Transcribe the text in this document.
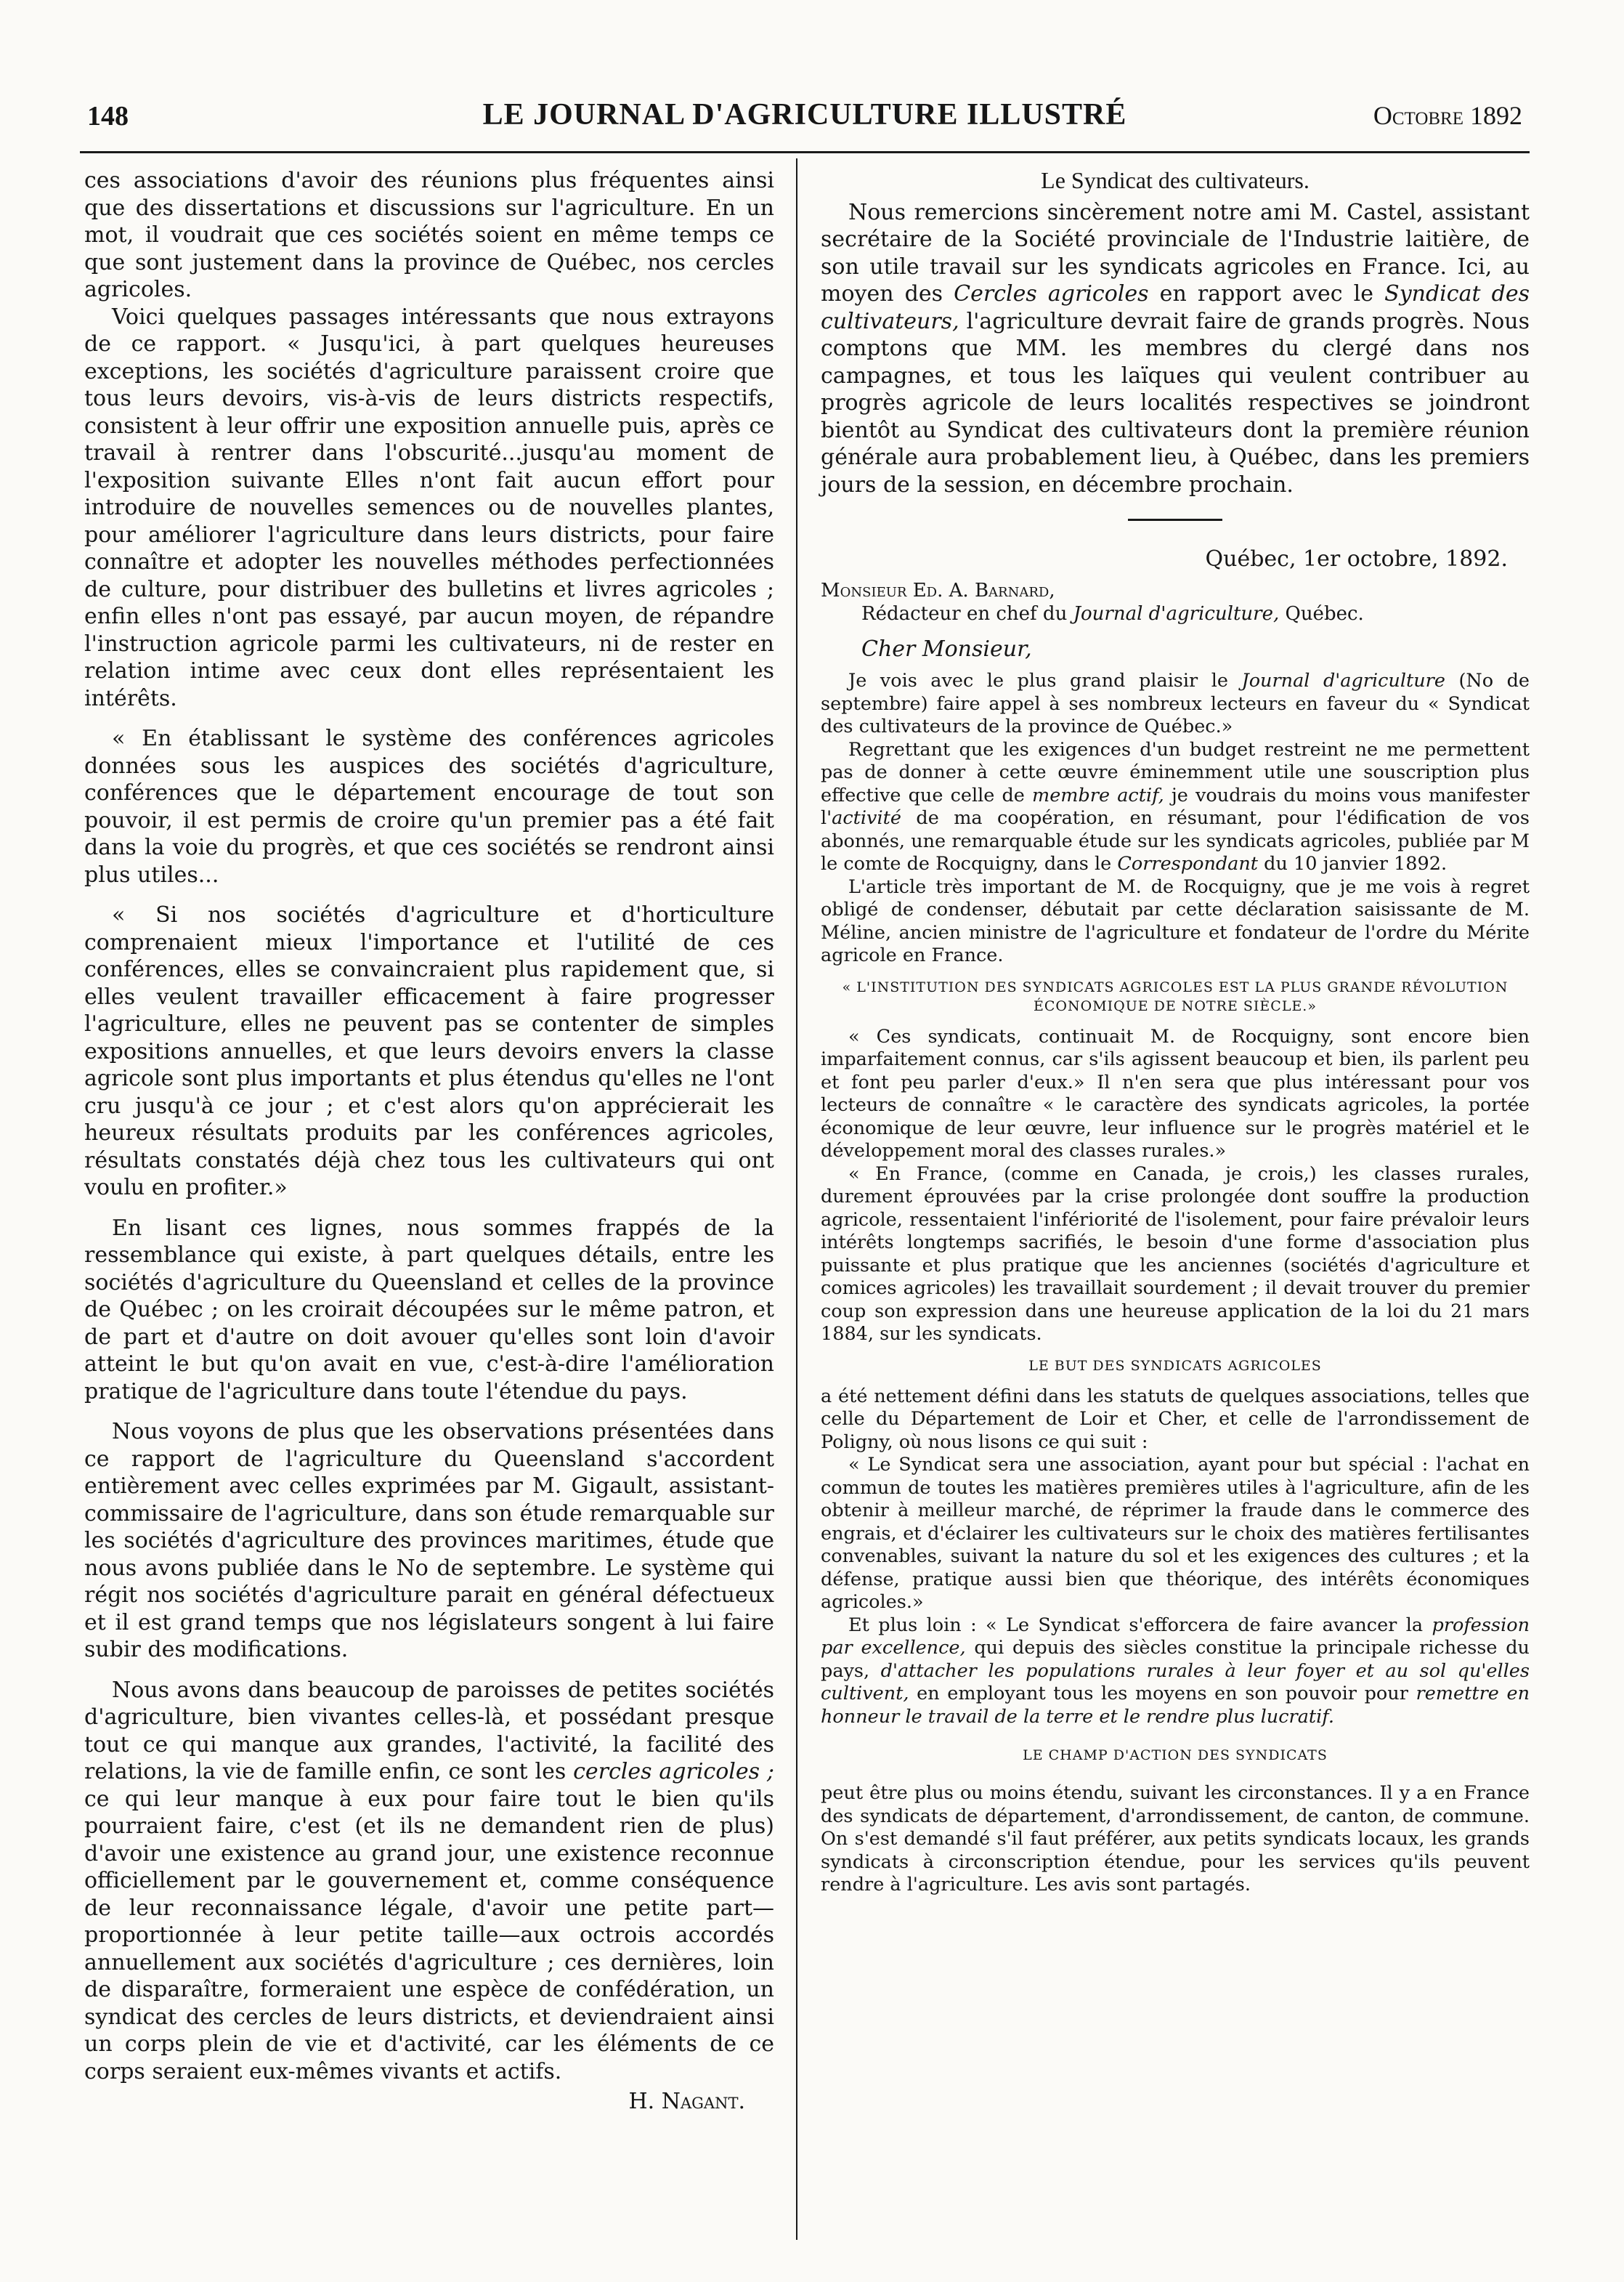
148	LE JOURNAL D'AGRICULTURE ILLUSTRÉ	Octobre 1892

ces associations d'avoir des réunions plus fréquentes ainsi que des dissertations et discussions sur l'agriculture. En un mot, il voudrait que ces sociétés soient en même temps ce que sont justement dans la province de Québec, nos cercles agricoles.

Voici quelques passages intéressants que nous extrayons de ce rapport. « Jusqu'ici, à part quelques heureuses exceptions, les sociétés d'agriculture paraissent croire que tous leurs devoirs, vis-à-vis de leurs districts respectifs, consistent à leur offrir une exposition annuelle puis, après ce travail à rentrer dans l'obscurité...jusqu'au moment de l'exposition suivante Elles n'ont fait aucun effort pour introduire de nouvelles semences ou de nouvelles plantes, pour améliorer l'agriculture dans leurs districts, pour faire connaître et adopter les nouvelles méthodes perfectionnées de culture, pour distribuer des bulletins et livres agricoles ; enfin elles n'ont pas essayé, par aucun moyen, de répandre l'instruction agricole parmi les cultivateurs, ni de rester en relation intime avec ceux dont elles représentaient les intérêts.

« En établissant le système des conférences agricoles données sous les auspices des sociétés d'agriculture, conférences que le département encourage de tout son pouvoir, il est permis de croire qu'un premier pas a été fait dans la voie du progrès, et que ces sociétés se rendront ainsi plus utiles...

« Si nos sociétés d'agriculture et d'horticulture comprenaient mieux l'importance et l'utilité de ces conférences, elles se convaincraient plus rapidement que, si elles veulent travailler efficacement à faire progresser l'agriculture, elles ne peuvent pas se contenter de simples expositions annuelles, et que leurs devoirs envers la classe agricole sont plus importants et plus étendus qu'elles ne l'ont cru jusqu'à ce jour ; et c'est alors qu'on apprécierait les heureux résultats produits par les conférences agricoles, résultats constatés déjà chez tous les cultivateurs qui ont voulu en profiter.»

En lisant ces lignes, nous sommes frappés de la ressemblance qui existe, à part quelques détails, entre les sociétés d'agriculture du Queensland et celles de la province de Québec ; on les croirait découpées sur le même patron, et de part et d'autre on doit avouer qu'elles sont loin d'avoir atteint le but qu'on avait en vue, c'est-à-dire l'amélioration pratique de l'agriculture dans toute l'étendue du pays.

Nous voyons de plus que les observations présentées dans ce rapport de l'agriculture du Queensland s'accordent entièrement avec celles exprimées par M. Gigault, assistant-commissaire de l'agriculture, dans son étude remarquable sur les sociétés d'agriculture des provinces maritimes, étude que nous avons publiée dans le No de septembre. Le système qui régit nos sociétés d'agriculture parait en général défectueux et il est grand temps que nos législateurs songent à lui faire subir des modifications.

Nous avons dans beaucoup de paroisses de petites sociétés d'agriculture, bien vivantes celles-là, et possédant presque tout ce qui manque aux grandes, l'activité, la facilité des relations, la vie de famille enfin, ce sont les cercles agricoles ; ce qui leur manque à eux pour faire tout le bien qu'ils pourraient faire, c'est (et ils ne demandent rien de plus) d'avoir une existence au grand jour, une existence reconnue officiellement par le gouvernement et, comme conséquence de leur reconnaissance légale, d'avoir une petite part—proportionnée à leur petite taille—aux octrois accordés annuellement aux sociétés d'agriculture ; ces dernières, loin de disparaître, formeraient une espèce de confédération, un syndicat des cercles de leurs districts, et deviendraient ainsi un corps plein de vie et d'activité, car les éléments de ce corps seraient eux-mêmes vivants et actifs.

H. Nagant.

Le Syndicat des cultivateurs.

Nous remercions sincèrement notre ami M. Castel, assistant secrétaire de la Société provinciale de l'Industrie laitière, de son utile travail sur les syndicats agricoles en France. Ici, au moyen des Cercles agricoles en rapport avec le Syndicat des cultivateurs, l'agriculture devrait faire de grands progrès. Nous comptons que MM. les membres du clergé dans nos campagnes, et tous les laïques qui veulent contribuer au progrès agricole de leurs localités respectives se joindront bientôt au Syndicat des cultivateurs dont la première réunion générale aura probablement lieu, à Québec, dans les premiers jours de la session, en décembre prochain.

Québec, 1er octobre, 1892.

Monsieur Ed. A. Barnard,

Rédacteur en chef du Journal d'agriculture, Québec.

Cher Monsieur,

Je vois avec le plus grand plaisir le Journal d'agriculture (No de septembre) faire appel à ses nombreux lecteurs en faveur du « Syndicat des cultivateurs de la province de Québec.»

Regrettant que les exigences d'un budget restreint ne me permettent pas de donner à cette œuvre éminemment utile une souscription plus effective que celle de membre actif, je voudrais du moins vous manifester l'activité de ma coopération, en résumant, pour l'édification de vos abonnés, une remarquable étude sur les syndicats agricoles, publiée par M le comte de Rocquigny, dans le Correspondant du 10 janvier 1892.

L'article très important de M. de Rocquigny, que je me vois à regret obligé de condenser, débutait par cette déclaration saisissante de M. Méline, ancien ministre de l'agriculture et fondateur de l'ordre du Mérite agricole en France.

« L'INSTITUTION DES SYNDICATS AGRICOLES EST LA PLUS GRANDE RÉVOLUTION ÉCONOMIQUE DE NOTRE SIÈCLE.»

« Ces syndicats, continuait M. de Rocquigny, sont encore bien imparfaitement connus, car s'ils agissent beaucoup et bien, ils parlent peu et font peu parler d'eux.» Il n'en sera que plus intéressant pour vos lecteurs de connaître « le caractère des syndicats agricoles, la portée économique de leur œuvre, leur influence sur le progrès matériel et le développement moral des classes rurales.»

« En France, (comme en Canada, je crois,) les classes rurales, durement éprouvées par la crise prolongée dont souffre la production agricole, ressentaient l'infériorité de l'isolement, pour faire prévaloir leurs intérêts longtemps sacrifiés, le besoin d'une forme d'association plus puissante et plus pratique que les anciennes (sociétés d'agriculture et comices agricoles) les travaillait sourdement ; il devait trouver du premier coup son expression dans une heureuse application de la loi du 21 mars 1884, sur les syndicats.

LE BUT DES SYNDICATS AGRICOLES

a été nettement défini dans les statuts de quelques associations, telles que celle du Département de Loir et Cher, et celle de l'arrondissement de Poligny, où nous lisons ce qui suit :

« Le Syndicat sera une association, ayant pour but spécial : l'achat en commun de toutes les matières premières utiles à l'agriculture, afin de les obtenir à meilleur marché, de réprimer la fraude dans le commerce des engrais, et d'éclairer les cultivateurs sur le choix des matières fertilisantes convenables, suivant la nature du sol et les exigences des cultures ; et la défense, pratique aussi bien que théorique, des intérêts économiques agricoles.»

Et plus loin : « Le Syndicat s'efforcera de faire avancer la profession par excellence, qui depuis des siècles constitue la principale richesse du pays, d'attacher les populations rurales à leur foyer et au sol qu'elles cultivent, en employant tous les moyens en son pouvoir pour remettre en honneur le travail de la terre et le rendre plus lucratif.

LE CHAMP D'ACTION DES SYNDICATS

peut être plus ou moins étendu, suivant les circonstances. Il y a en France des syndicats de département, d'arrondissement, de canton, de commune. On s'est demandé s'il faut préférer, aux petits syndicats locaux, les grands syndicats à circonscription étendue, pour les services qu'ils peuvent rendre à l'agriculture. Les avis sont partagés.
